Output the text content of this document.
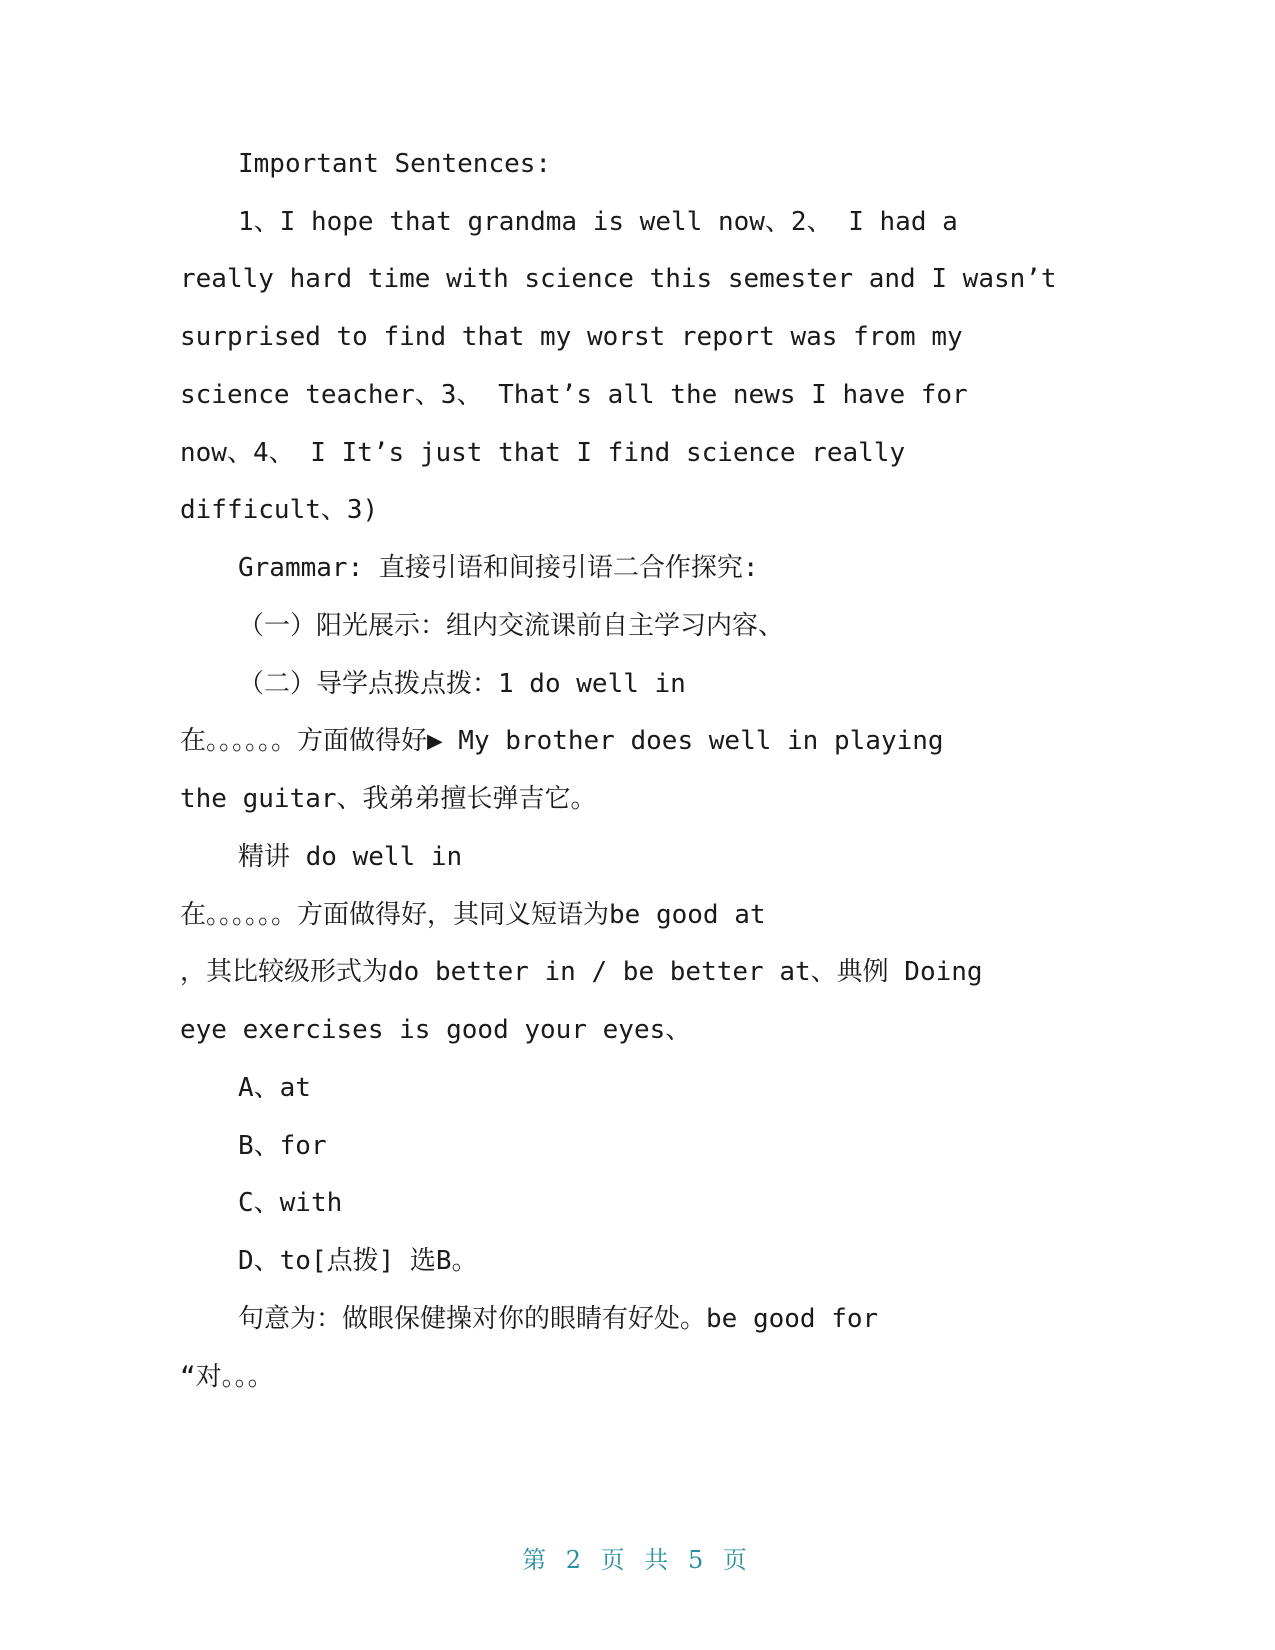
Important Sentences:
1、I hope that grandma is well now、2、 I had a
really hard time with science this semester and I wasn’t
surprised to find that my worst report was from my
science teacher、3、 That’s all the news I have for
now、4、 I It’s just that I find science really
difficult、3)
Grammar: 直接引语和间接引语二合作探究:
（一）阳光展示：组内交流课前自主学习内容、
（二）导学点拨点拨：1 do well in
在。。。。。。方面做得好▶ My brother does well in playing
the guitar、我弟弟擅长弹吉它。
精讲 do well in
在。。。。。。方面做得好，其同义短语为be good at
，其比较级形式为do better in / be better at、典例 Doing
eye exercises is good your eyes、
A、at
B、for
C、with
D、to[点拨] 选B。
句意为：做眼保健操对你的眼睛有好处。be good for
“对。。。
第 2 页 共 5 页
